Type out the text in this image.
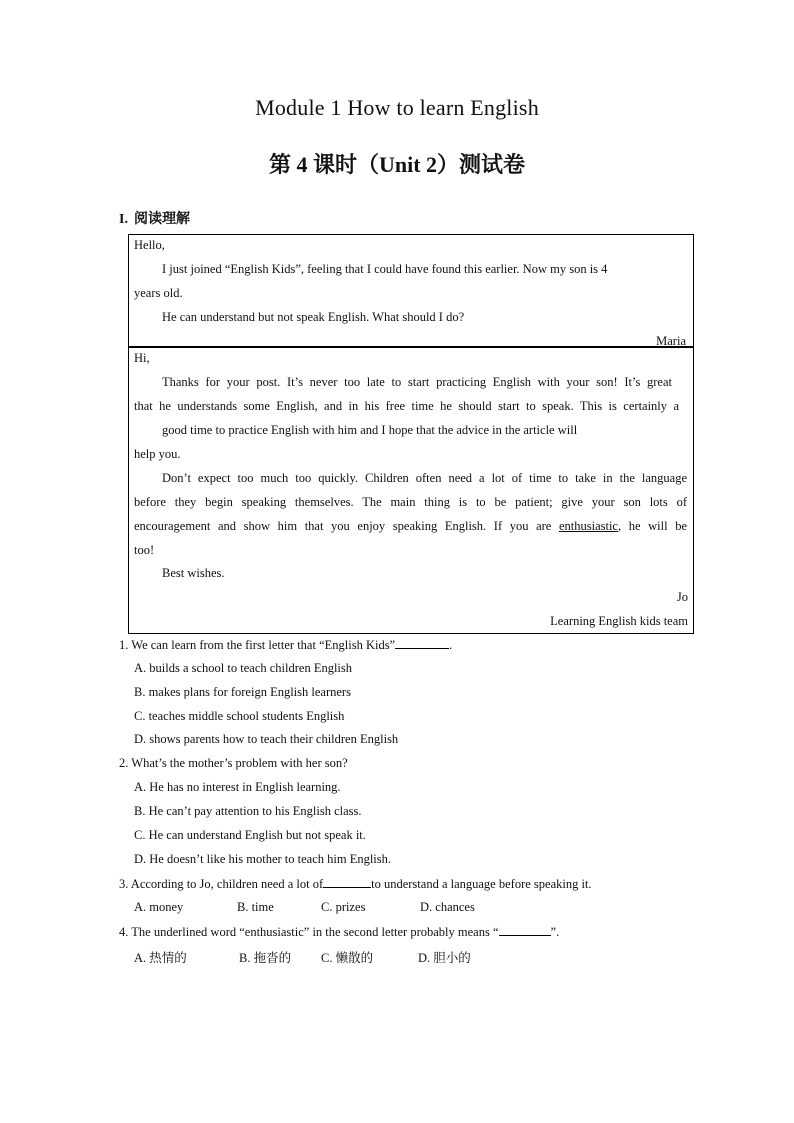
Module 1 How to learn English
第 4 课时（Unit 2）测试卷
I. 阅读理解
Hello,
I just joined “English Kids”, feeling that I could have found this earlier. Now my son is 4
years old.
He can understand but not speak English. What should I do?
Maria
Hi,
Thanks for your post. It’s never too late to start practicing English with your son! It’s great
that he understands some English, and in his free time he should start to speak. This is certainly a
good time to practice English with him and I hope that the advice in the article will
help you.
Don’t expect too much too quickly. Children often need a lot of time to take in the language
before they begin speaking themselves. The main thing is to be patient; give your son lots of
encouragement and show him that you enjoy speaking English. If you are enthusiastic, he will be
too!
Best wishes.
Jo
Learning English kids team
1. We can learn from the first letter that “English Kids”	.
A. builds a school to teach children English
B. makes plans for foreign English learners
C. teaches middle school students English
D. shows parents how to teach their children English
2. What’s the mother’s problem with her son?
A. He has no interest in English learning.
B. He can’t pay attention to his English class.
C. He can understand English but not speak it.
D. He doesn’t like his mother to teach him English.
3. According to Jo, children need a lot of	to understand a language before speaking it.
A. money	B. time	C. prizes	D. chances
4. The underlined word “enthusiastic” in the second letter probably means “	”.
A. 热情的	B. 拖沓的 C. 懒散的	D. 胆小的
